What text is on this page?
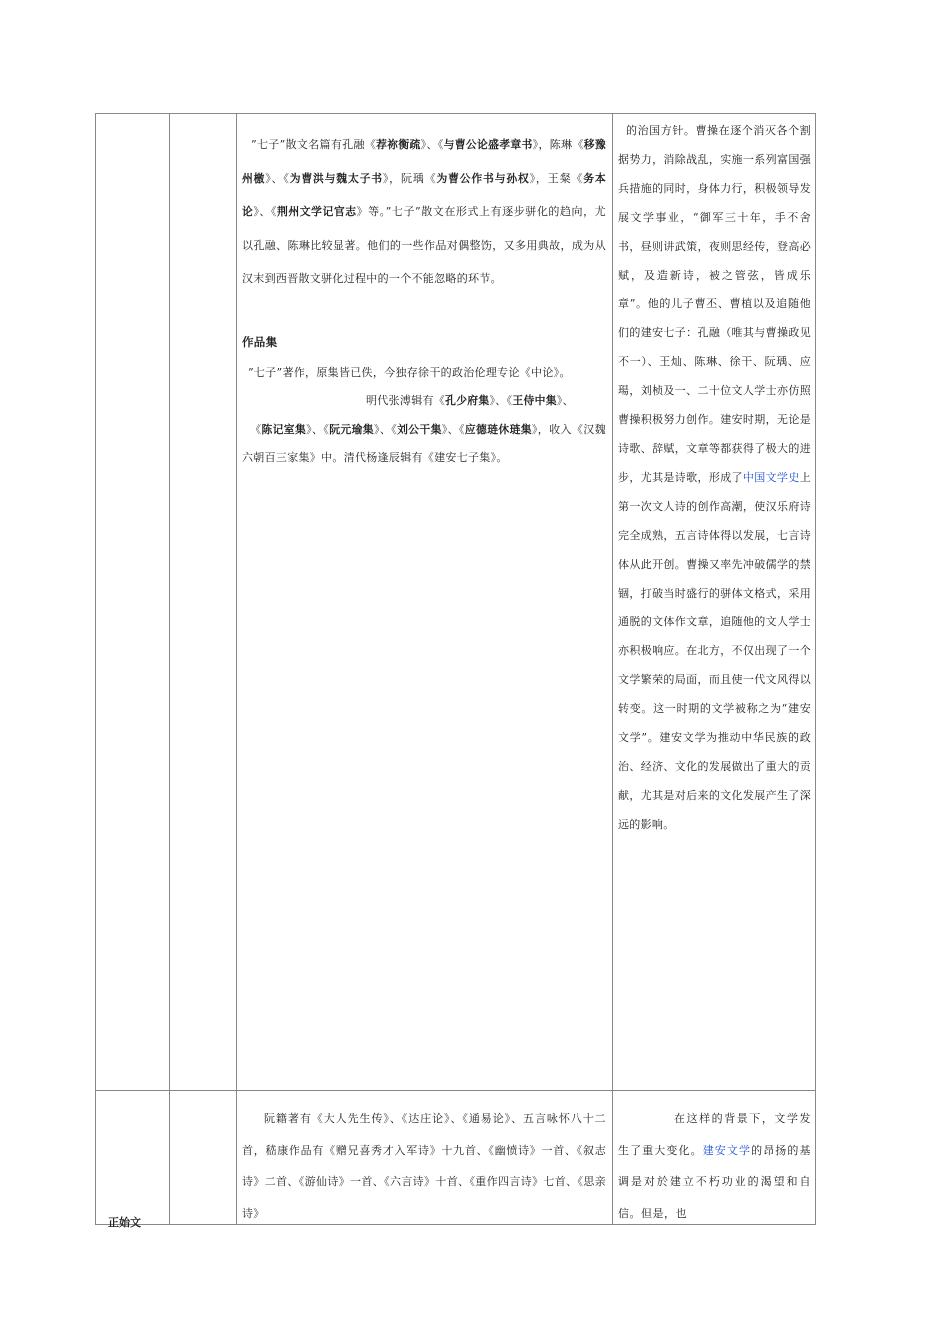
”七子”散文名篇有孔融《荐祢衡疏》、《与曹公论盛孝章书》，陈琳《移豫州檄》、《为曹洪与魏太子书》，阮瑀《为曹公作书与孙权》，王粲《务本论》、《荆州文学记官志》等。”七子”散文在形式上有逐步骈化的趋向，尤以孔融、陈琳比较显著。他们的一些作品对偶整饬，又多用典故，成为从汉末到西晋散文骈化过程中的一个不能忽略的环节。

作品集

”七子”著作，原集皆已佚，今独存徐干的政治伦理专论《中论》。
明代张溥辑有《孔少府集》、《王侍中集》、
《陈记室集》、《阮元瑜集》、《刘公干集》、《应德琏休琏集》，收入《汉魏六朝百三家集》中。清代杨逢辰辑有《建安七子集》。

的治国方针。曹操在逐个消灭各个割据势力，消除战乱，实施一系列富国强兵措施的同时，身体力行，积极领导发展文学事业，“御军三十年，手不舍书，昼则讲武策，夜则思经传，登高必赋，及造新诗，被之管弦，皆成乐章”。他的儿子曹丕、曹植以及追随他们的建安七子：孔融（唯其与曹操政见不一）、王灿、陈琳、徐干、阮瑀、应瑒，刘桢及一、二十位文人学士亦仿照曹操积极努力创作。建安时期，无论是诗歌、辞赋，文章等都获得了极大的进步，尤其是诗歌，形成了中国文学史上第一次文人诗的创作高潮，使汉乐府诗完全成熟，五言诗体得以发展，七言诗体从此开创。曹操又率先冲破儒学的禁锢，打破当时盛行的骈体文格式，采用通脱的文体作文章，追随他的文人学士亦积极响应。在北方，不仅出现了一个文学繁荣的局面，而且使一代文风得以转变。这一时期的文学被称之为“建安文学”。建安文学为推动中华民族的政治、经济、文化的发展做出了重大的贡献，尤其是对后来的文化发展产生了深远的影响。

阮籍著有《大人先生传》、《达庄论》、《通易论》、五言咏怀八十二首，嵇康作品有《赠兄喜秀才入军诗》十九首、《幽愤诗》一首、《叙志诗》二首、《游仙诗》一首、《六言诗》十首、《重作四言诗》七首、《思亲诗》

在这样的背景下，文学发生了重大变化。建安文学的昂扬的基调是对於建立不朽功业的渴望和自信。但是，也

正始文
